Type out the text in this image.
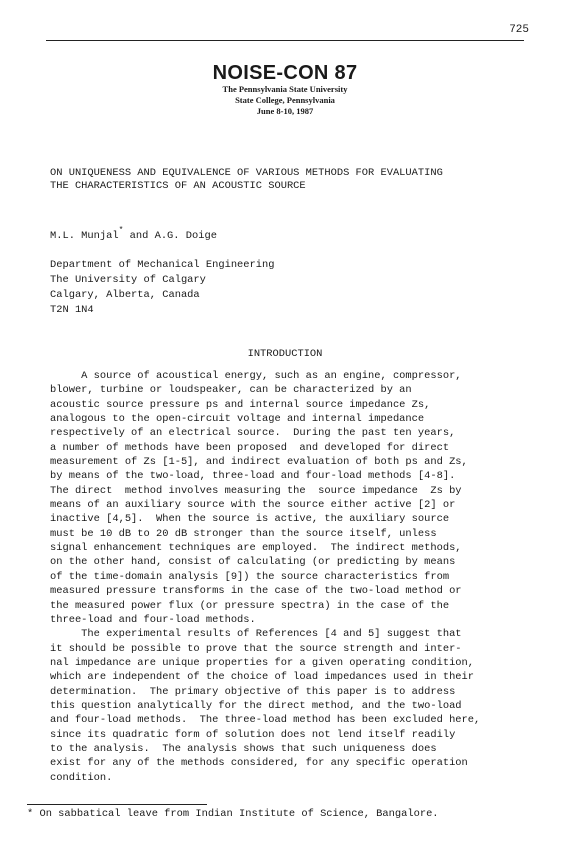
725
NOISE-CON 87
The Pennsylvania State University
State College, Pennsylvania
June 8-10, 1987
ON UNIQUENESS AND EQUIVALENCE OF VARIOUS METHODS FOR EVALUATING
THE CHARACTERISTICS OF AN ACOUSTIC SOURCE
M.L. Munjal* and A.G. Doige
Department of Mechanical Engineering
The University of Calgary
Calgary, Alberta, Canada
T2N 1N4
INTRODUCTION
A source of acoustical energy, such as an engine, compressor,
blower, turbine or loudspeaker, can be characterized by an
acoustic source pressure ps and internal source impedance Zs,
analogous to the open-circuit voltage and internal impedance
respectively of an electrical source.  During the past ten years,
a number of methods have been proposed  and developed for direct
measurement of Zs [1-5], and indirect evaluation of both ps and Zs,
by means of the two-load, three-load and four-load methods [4-8].
The direct  method involves measuring the  source impedance  Zs by
means of an auxiliary source with the source either active [2] or
inactive [4,5].  When the source is active, the auxiliary source
must be 10 dB to 20 dB stronger than the source itself, unless
signal enhancement techniques are employed.  The indirect methods,
on the other hand, consist of calculating (or predicting by means
of the time-domain analysis [9]) the source characteristics from
measured pressure transforms in the case of the two-load method or
the measured power flux (or pressure spectra) in the case of the
three-load and four-load methods.
The experimental results of References [4 and 5] suggest that
it should be possible to prove that the source strength and inter-
nal impedance are unique properties for a given operating condition,
which are independent of the choice of load impedances used in their
determination.  The primary objective of this paper is to address
this question analytically for the direct method, and the two-load
and four-load methods.  The three-load method has been excluded here,
since its quadratic form of solution does not lend itself readily
to the analysis.  The analysis shows that such uniqueness does
exist for any of the methods considered, for any specific operation
condition.
* On sabbatical leave from Indian Institute of Science, Bangalore.
